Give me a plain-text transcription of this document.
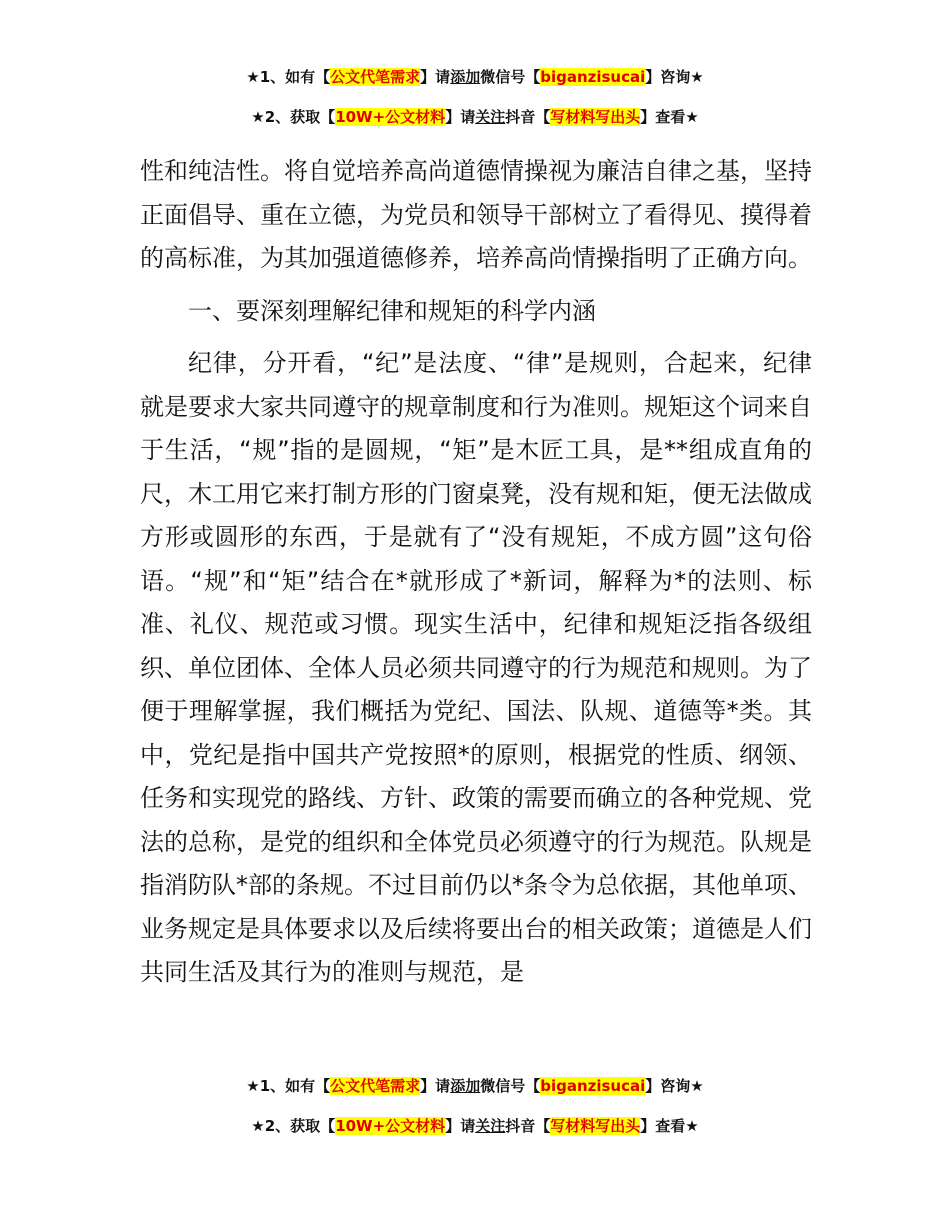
★1、如有【公文代笔需求】请添加微信号【biganzisucai】咨询★
★2、获取【10W+公文材料】请关注抖音【写材料写出头】查看★

性和纯洁性。将自觉培养高尚道德情操视为廉洁自律之基，坚持正面倡导、重在立德，为党员和领导干部树立了看得见、摸得着的高标准，为其加强道德修养，培养高尚情操指明了正确方向。

一、要深刻理解纪律和规矩的科学内涵

纪律，分开看，“纪”是法度、“律”是规则，合起来，纪律就是要求大家共同遵守的规章制度和行为准则。规矩这个词来自于生活，“规”指的是圆规，“矩”是木匠工具，是**组成直角的尺，木工用它来打制方形的门窗桌凳，没有规和矩，便无法做成方形或圆形的东西，于是就有了“没有规矩，不成方圆”这句俗语。“规”和“矩”结合在*就形成了*新词，解释为*的法则、标准、礼仪、规范或习惯。现实生活中，纪律和规矩泛指各级组织、单位团体、全体人员必须共同遵守的行为规范和规则。为了便于理解掌握，我们概括为党纪、国法、队规、道德等*类。其中，党纪是指中国共产党按照*的原则，根据党的性质、纲领、任务和实现党的路线、方针、政策的需要而确立的各种党规、党法的总称，是党的组织和全体党员必须遵守的行为规范。队规是指消防队*部的条规。不过目前仍以*条令为总依据，其他单项、业务规定是具体要求以及后续将要出台的相关政策；道德是人们共同生活及其行为的准则与规范，是

★1、如有【公文代笔需求】请添加微信号【biganzisucai】咨询★
★2、获取【10W+公文材料】请关注抖音【写材料写出头】查看★
